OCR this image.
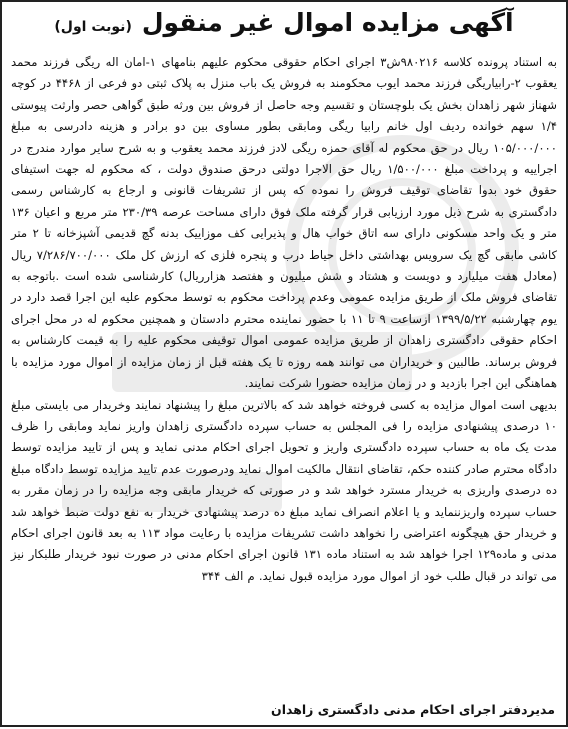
آگهی مزایده اموال غیر منقول
(نوبت اول)

به استناد پرونده کلاسه ۹۸۰۲۱۶ش۳ اجرای احکام حقوقی محکوم علیهم بنامهای ۱-امان اله ریگی فرزند محمد یعقوب ۲-رابیاریگی فرزند محمد ایوب محکومند به فروش یک باب منزل به پلاک ثبتی دو فرعی از ۴۴۶۸ در کوچه شهناز شهر زاهدان بخش یک بلوچستان و تقسیم وجه حاصل از فروش بین ورثه طبق گواهی حصر وارثت پیوستی ۱/۴ سهم خوانده ردیف اول خانم رابیا ریگی ومابقی بطور مساوی بین دو برادر و هزینه دادرسی به مبلغ ۱۰۵/۰۰۰/۰۰۰ ریال در حق محکوم له آقای حمزه ریگی لادز فرزند محمد یعقوب و به شرح سایر موارد مندرج در اجراییه و پرداخت مبلغ ۱/۵۰۰/۰۰۰ ریال حق الاجرا دولتی درحق صندوق دولت ، که محکوم له جهت استیفای حقوق خود بدوا تقاضای توقیف فروش را نموده که پس از تشریفات قانونی و ارجاع به کارشناس رسمی دادگستری به شرح ذیل مورد ارزیابی قرار گرفته ملک فوق دارای مساحت عرصه ۲۳۰/۳۹ متر مربع و اعیان ۱۳۶ متر و یک واحد مسکونی دارای سه اتاق خواب هال و پذیرایی کف موزاییک بدنه گچ قدیمی آشپزخانه تا ۲ متر کاشی مابقی گچ یک سرویس بهداشتی داخل حیاط درب و پنجره فلزی که ارزش کل ملک ۷/۲۸۶/۷۰۰/۰۰۰ ریال (معادل هفت میلیارد و دویست و هشتاد و شش میلیون و هفتصد هزارریال) کارشناسی شده است .باتوجه به تقاضای فروش ملک از طریق مزایده عمومی وعدم پرداخت محکوم به توسط محکوم علیه این اجرا قصد دارد در یوم چهارشنبه ۱۳۹۹/۵/۲۲ ازساعت ۹ تا ۱۱ با حضور نماینده محترم دادستان و همچنین محکوم له در محل اجرای احکام حقوقی دادگستری زاهدان از طریق مزایده عمومی اموال توقیفی محکوم علیه را به قیمت کارشناس به فروش برساند. طالبین و خریداران می توانند همه روزه تا یک هفته قبل از زمان مزایده از اموال مورد مزایده با هماهنگی این اجرا بازدید و در زمان مزایده حضورا شرکت نمایند.

بدیهی است اموال مزایده به کسی فروخته خواهد شد که بالاترین مبلغ را پیشنهاد نمایند وخریدار می بایستی مبلغ ۱۰ درصدی پیشنهادی مزایده را فی المجلس به حساب سپرده دادگستری زاهدان واریز نماید ومابقی را ظرف مدت یک ماه به حساب سپرده دادگستری واریز و تحویل اجرای احکام مدنی نماید و پس از تایید مزایده توسط دادگاه محترم صادر کننده حکم، تقاضای انتقال مالکیت اموال نماید ودرصورت عدم تایید مزایده توسط دادگاه مبلغ ده درصدی واریزی به خریدار مسترد خواهد شد و در صورتی که خریدار مابقی وجه مزایده را در زمان مقرر به حساب سپرده واریزننماید و یا اعلام انصراف نماید مبلغ ده درصد پیشنهادی خریدار به نفع دولت ضبط خواهد شد و خریدار حق هیچگونه اعتراضی را نخواهد داشت تشریفات مزایده با رعایت مواد ۱۱۳ به بعد قانون اجرای احکام مدنی و ماده۱۲۹ اجرا خواهد شد به استناد ماده ۱۳۱ قانون اجرای احکام مدنی در صورت نبود خریدار طلبکار نیز می تواند در قبال طلب خود از اموال مورد مزایده قبول نماید. م الف ۳۴۴

مدیردفتر اجرای احکام مدنی دادگستری زاهدان
